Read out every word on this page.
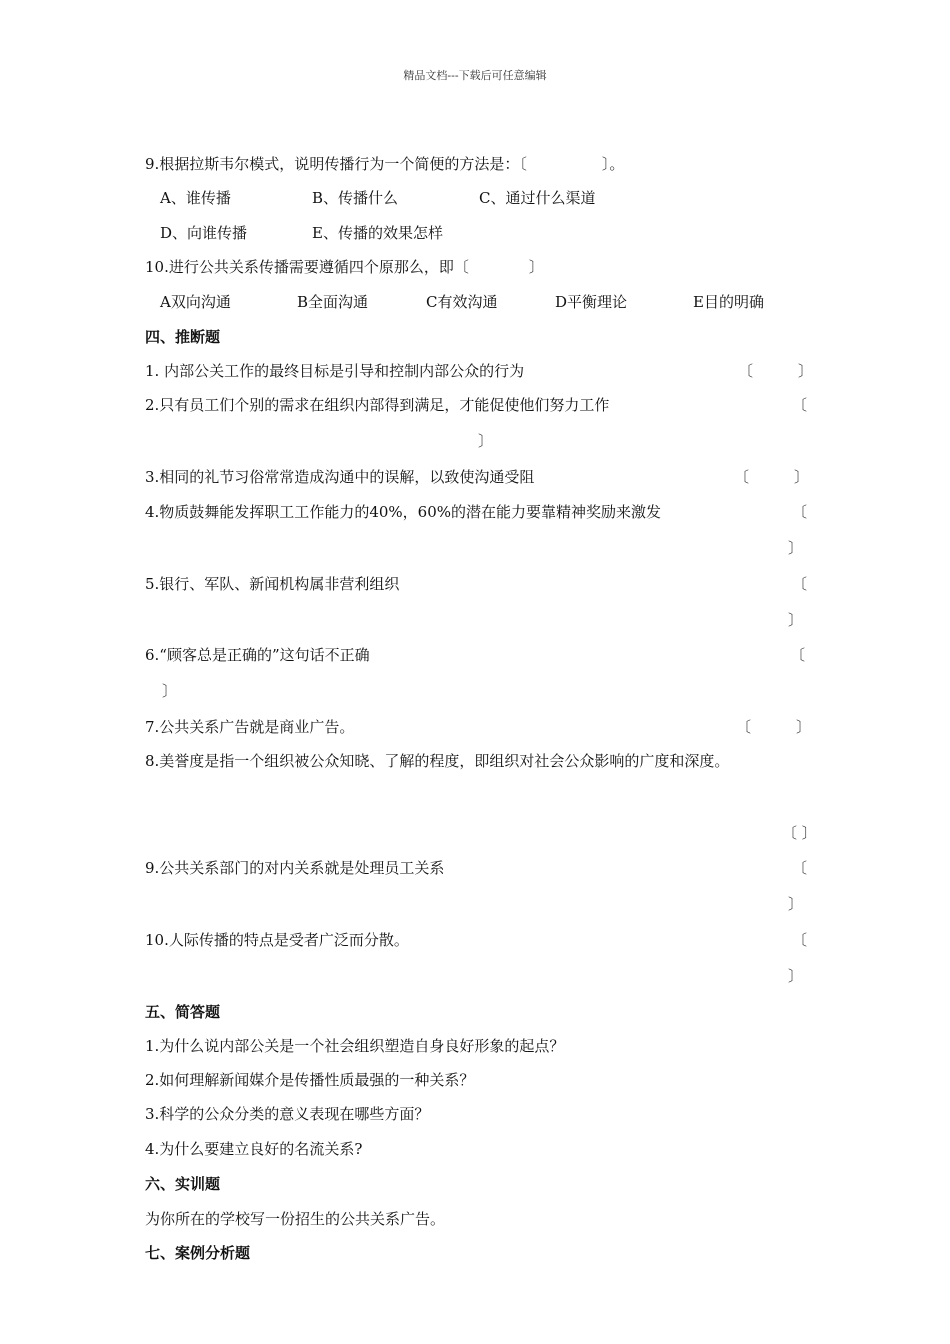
精品文档---下载后可任意编辑
9.根据拉斯韦尔模式，说明传播行为一个简便的方法是：〔　　　　　〕。
A、谁传播	B、传播什么	C、通过什么渠道
D、向谁传播	E、传播的效果怎样
10.进行公共关系传播需要遵循四个原那么，即〔　　　　〕
A双向沟通	B全面沟通	C有效沟通	D平衡理论	E目的明确
四、推断题
1. 内部公关工作的最终目标是引导和控制内部公众的行为	〔　　　〕
2.只有员工们个别的需求在组织内部得到满足，才能促使他们努力工作	〔
〕
3.相同的礼节习俗常常造成沟通中的误解，以致使沟通受阻	〔　　　〕
4.物质鼓舞能发挥职工工作能力的40%，60%的潜在能力要靠精神奖励来激发	〔
〕
5.银行、军队、新闻机构属非营利组织	〔
〕
6.“顾客总是正确的”这句话不正确	〔
〕
7.公共关系广告就是商业广告。	〔　　　〕
8.美誉度是指一个组织被公众知晓、了解的程度，即组织对社会公众影响的广度和深度。
〔 〕
9.公共关系部门的对内关系就是处理员工关系	〔
〕
10.人际传播的特点是受者广泛而分散。	〔
〕
五、简答题
1.为什么说内部公关是一个社会组织塑造自身良好形象的起点？
2.如何理解新闻媒介是传播性质最强的一种关系？
3.科学的公众分类的意义表现在哪些方面？
4.为什么要建立良好的名流关系?
六、实训题
为你所在的学校写一份招生的公共关系广告。
七、案例分析题
